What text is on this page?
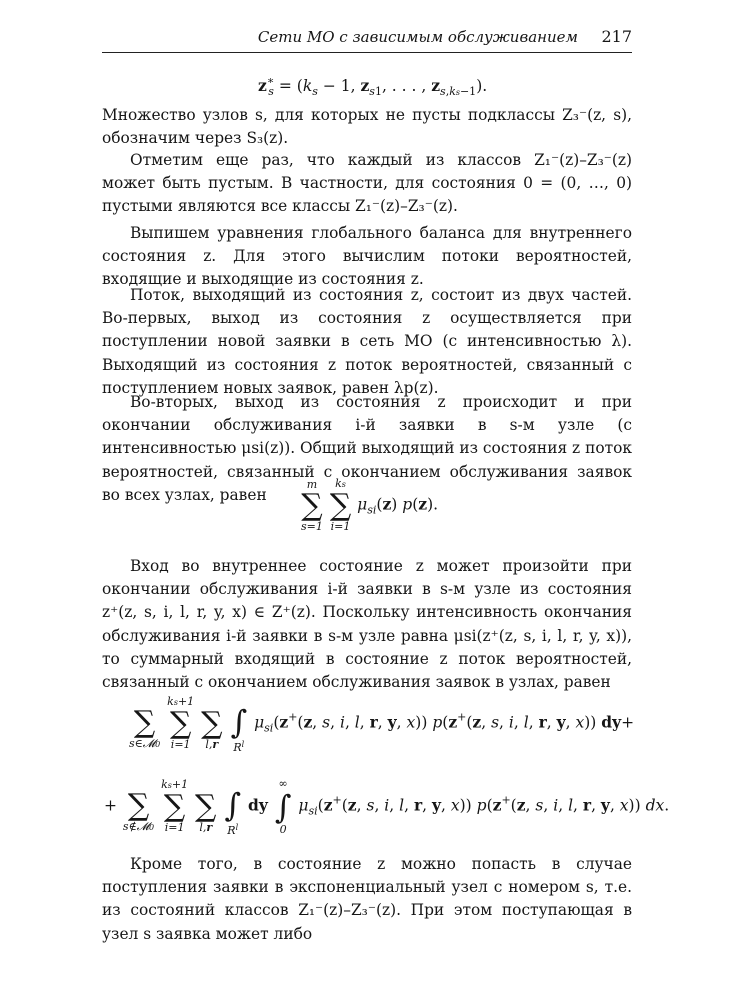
Сети МО с зависимым обслуживанием 217
$z^∗_s = (k_s - 1$, $z_{s1}$, . . . , $z_{s,ks-1}$).

Множество узлов s, для которых не пусты подклассы Z₃⁻(z, s), обозначим через S₃(z).

Отметим еще раз, что каждый из классов Z₁⁻(z)–Z₃⁻(z) может быть пустым. В частности, для состояния 0 = (0, …, 0) пустыми являются все классы Z₁⁻(z)–Z₃⁻(z).

Выпишем уравнения глобального баланса для внутреннего состояния z. Для этого вычислим потоки вероятностей, входящие и выходящие из состояния z.

Поток, выходящий из состояния z, состоит из двух частей. Во-первых, выход из состояния z осуществляется при поступлении новой заявки в сеть МО (с интенсивностью λ). Выходящий из состояния z поток вероятностей, связанный с поступлением новых заявок, равен λp(z).

Во-вторых, выход из состояния z происходит и при окончании обслуживания i-й заявки в s-м узле (с интенсивностью μsi(z)). Общий выходящий из состояния z поток вероятностей, связанный с окончанием обслуживания заявок во всех узлах, равен

m
∑
s=1

ks
∑
i=1
$\mu_{si}(z)$ p(z).

Вход во внутреннее состояние z может произойти при окончании обслуживания i-й заявки в s-м узле из состояния z⁺(z, s, i, l, r, y, x) ∈ Z⁺(z). Поскольку интенсивность окончания обслуживания i-й заявки в s-м узле равна μsi(z⁺(z, s, i, l, r, y, x)), то суммарный входящий в состояние z поток вероятностей, связанный с окончанием обслуживания заявок в узлах, равен

∑
s∈𝓜0

ks+1
∑
i=1

∑
l,r

∫
$R^l$
$\mu_{si}(z^+(z$, s, i, l, r, y, x)) p(z+(z, s, i, l, r, y, x)) dy+
+
∑
s∉𝓜0

ks+1
∑
i=1

∑
l,r

∫
$R^l$
dy
∞
∫
0
$\mu_{si}(z^+(z$, s, i, l, r, y, x)) p(z+(z, s, i, l, r, y, x)) dx.

Кроме того, в состояние z можно попасть в случае поступления заявки в экспоненциальный узел с номером s, т.е. из состояний классов Z₁⁻(z)–Z₃⁻(z). При этом поступающая в узел s заявка может либо
